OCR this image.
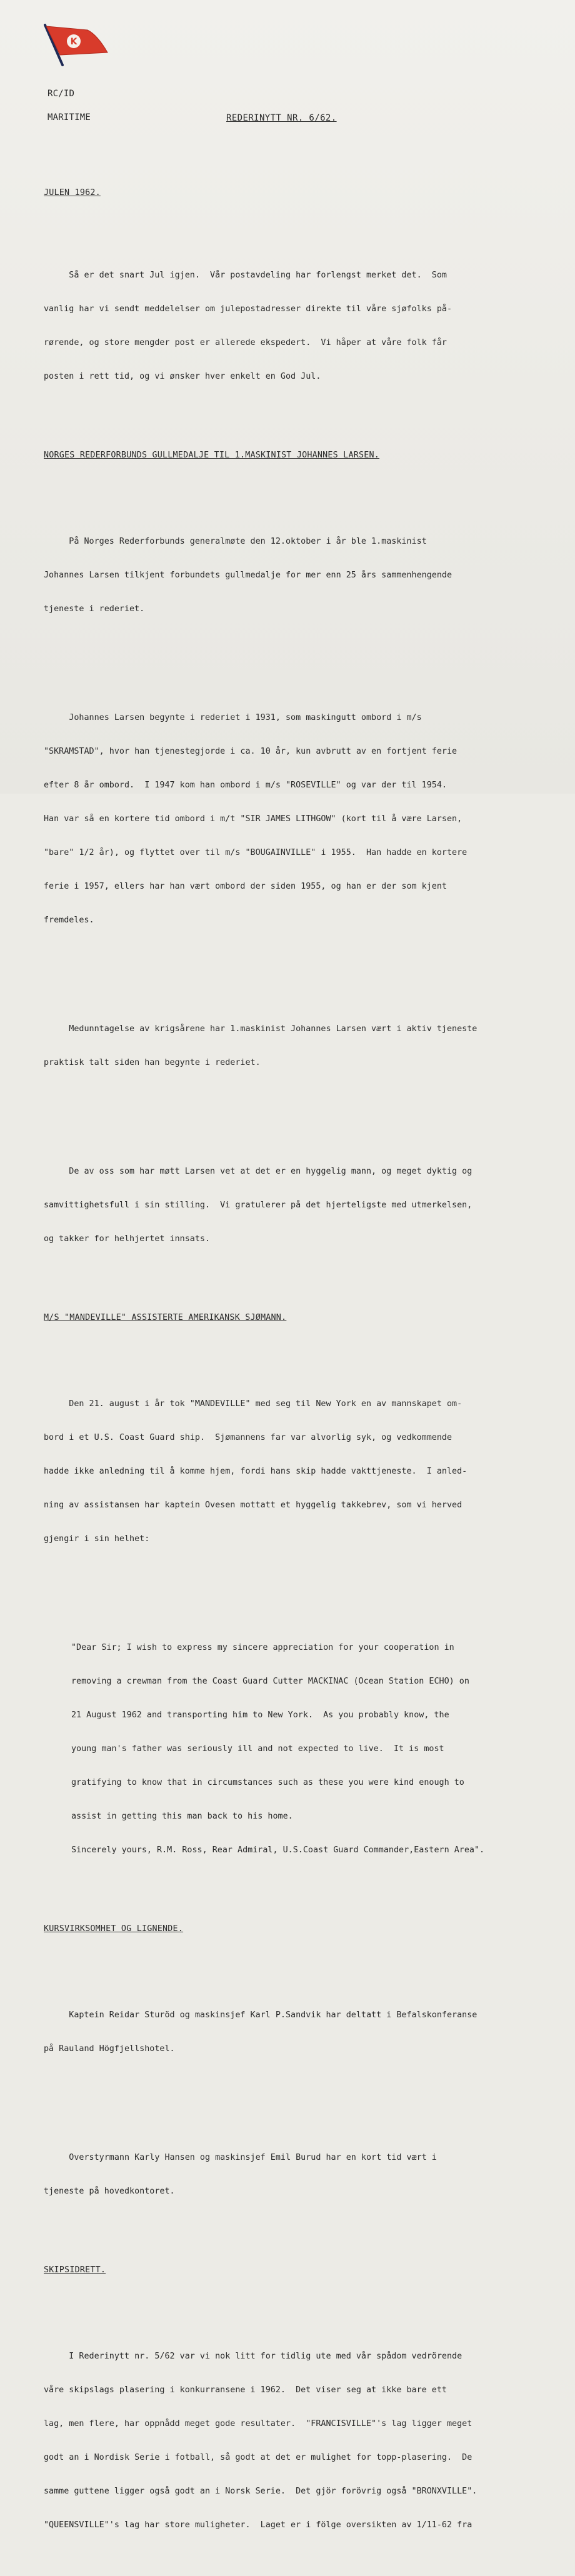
K
RC/ID
MARITIME	REDERINYTT NR. 6/62.

JULEN 1962.

Så er det snart Jul igjen.  Vår postavdeling har forlengst merket det.  Som

vanlig har vi sendt meddelelser om julepostadresser direkte til våre sjøfolks på-

rørende, og store mengder post er allerede ekspedert.  Vi håper at våre folk får

posten i rett tid, og vi ønsker hver enkelt en God Jul.

NORGES REDERFORBUNDS GULLMEDALJE TIL 1.MASKINIST JOHANNES LARSEN.

På Norges Rederforbunds generalmøte den 12.oktober i år ble 1.maskinist

Johannes Larsen tilkjent forbundets gullmedalje for mer enn 25 års sammenhengende

tjeneste i rederiet.

Johannes Larsen begynte i rederiet i 1931, som maskingutt ombord i m/s

"SKRAMSTAD", hvor han tjenestegjorde i ca. 10 år, kun avbrutt av en fortjent ferie

efter 8 år ombord.  I 1947 kom han ombord i m/s "ROSEVILLE" og var der til 1954.

Han var så en kortere tid ombord i m/t "SIR JAMES LITHGOW" (kort til å være Larsen,

"bare" 1/2 år), og flyttet over til m/s "BOUGAINVILLE" i 1955.  Han hadde en kortere

ferie i 1957, ellers har han vært ombord der siden 1955, og han er der som kjent

fremdeles.

Medunntagelse av krigsårene har 1.maskinist Johannes Larsen vært i aktiv tjeneste

praktisk talt siden han begynte i rederiet.

De av oss som har møtt Larsen vet at det er en hyggelig mann, og meget dyktig og

samvittighetsfull i sin stilling.  Vi gratulerer på det hjerteligste med utmerkelsen,

og takker for helhjertet innsats.

M/S "MANDEVILLE" ASSISTERTE AMERIKANSK SJØMANN.

Den 21. august i år tok "MANDEVILLE" med seg til New York en av mannskapet om-

bord i et U.S. Coast Guard ship.  Sjømannens far var alvorlig syk, og vedkommende

hadde ikke anledning til å komme hjem, fordi hans skip hadde vakttjeneste.  I anled-

ning av assistansen har kaptein Ovesen mottatt et hyggelig takkebrev, som vi herved

gjengir i sin helhet:

"Dear Sir; I wish to express my sincere appreciation for your cooperation in

removing a crewman from the Coast Guard Cutter MACKINAC (Ocean Station ECHO) on

21 August 1962 and transporting him to New York.  As you probably know, the

young man's father was seriously ill and not expected to live.  It is most

gratifying to know that in circumstances such as these you were kind enough to

assist in getting this man back to his home.

Sincerely yours, R.M. Ross, Rear Admiral, U.S.Coast Guard Commander,Eastern Area".

KURSVIRKSOMHET OG LIGNENDE.

Kaptein Reidar Sturöd og maskinsjef Karl P.Sandvik har deltatt i Befalskonferanse

på Rauland Högfjellshotel.

Overstyrmann Karly Hansen og maskinsjef Emil Burud har en kort tid vært i

tjeneste på hovedkontoret.

SKIPSIDRETT.

I Rederinytt nr. 5/62 var vi nok litt for tidlig ute med vår spådom vedrörende

våre skipslags plasering i konkurransene i 1962.  Det viser seg at ikke bare ett

lag, men flere, har oppnådd meget gode resultater.  "FRANCISVILLE"'s lag ligger meget

godt an i Nordisk Serie i fotball, så godt at det er mulighet for topp-plasering.  De

samme guttene ligger også godt an i Norsk Serie.  Det gjör forövrig også "BRONXVILLE".

"QUEENSVILLE"'s lag har store muligheter.  Laget er i fölge oversikten av 1/11-62 fra
